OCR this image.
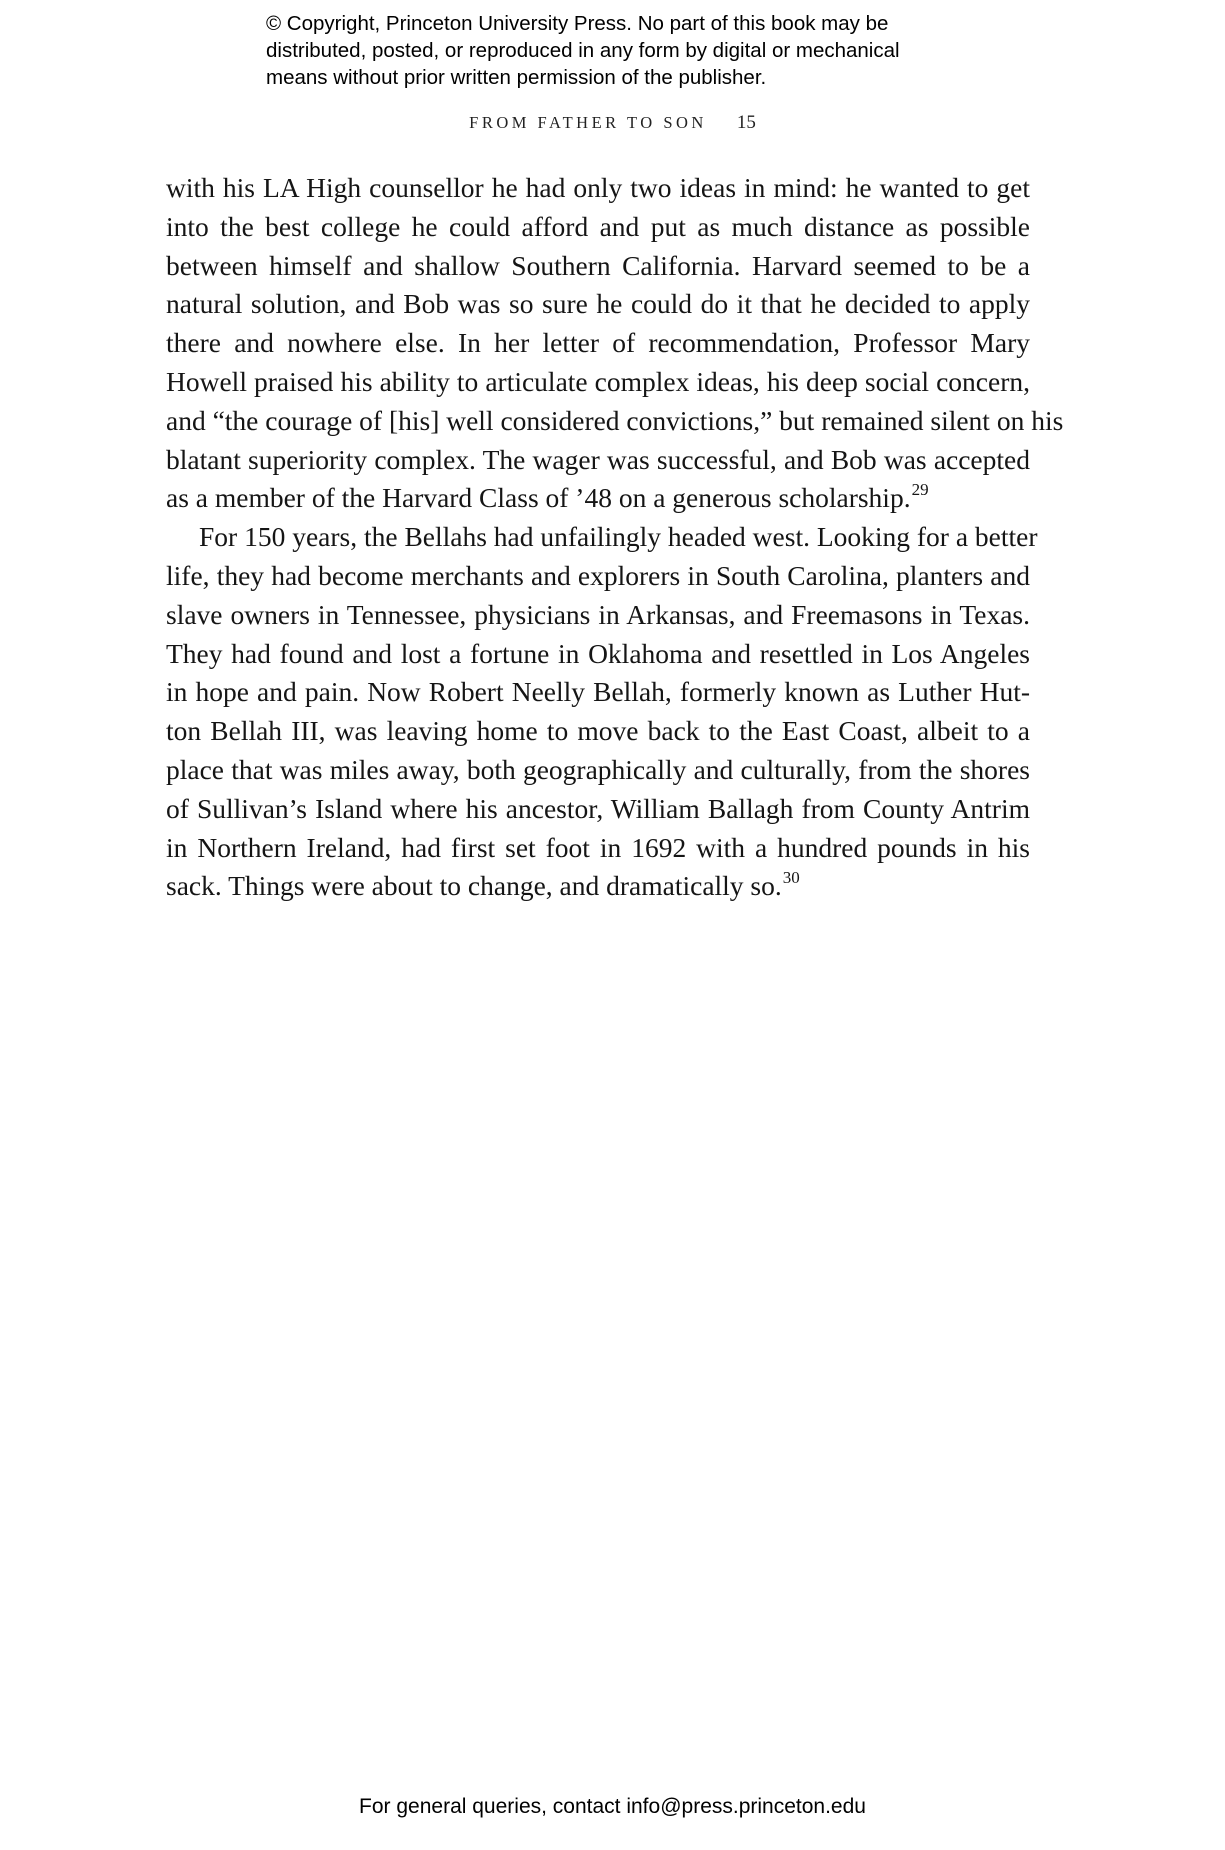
© Copyright, Princeton University Press. No part of this book may be
distributed, posted, or reproduced in any form by digital or mechanical
means without prior written permission of the publisher.
FROM FATHER TO SON 15
with his LA High counsellor he had only two ideas in mind: he wanted to get
into the best college he could afford and put as much distance as possible
between himself and shallow Southern California. Harvard seemed to be a
natural solution, and Bob was so sure he could do it that he decided to apply
there and nowhere else. In her letter of recommendation, Professor Mary
Howell praised his ability to articulate complex ideas, his deep social concern,
and “the courage of [his] well considered convictions,” but remained silent on his
blatant superiority complex. The wager was successful, and Bob was accepted
as a member of the Harvard Class of ’48 on a generous scholarship.$^{29}$
For 150 years, the Bellahs had unfailingly headed west. Looking for a better
life, they had become merchants and explorers in South Carolina, planters and
slave owners in Tennessee, physicians in Arkansas, and Freemasons in Texas.
They had found and lost a fortune in Oklahoma and resettled in Los Angeles
in hope and pain. Now Robert Neelly Bellah, formerly known as Luther Hut-
ton Bellah III, was leaving home to move back to the East Coast, albeit to a
place that was miles away, both geographically and culturally, from the shores
of Sullivan’s Island where his ancestor, William Ballagh from County Antrim
in Northern Ireland, had first set foot in 1692 with a hundred pounds in his
sack. Things were about to change, and dramatically so.$^{30}$
For general queries, contact info@press.princeton.edu
